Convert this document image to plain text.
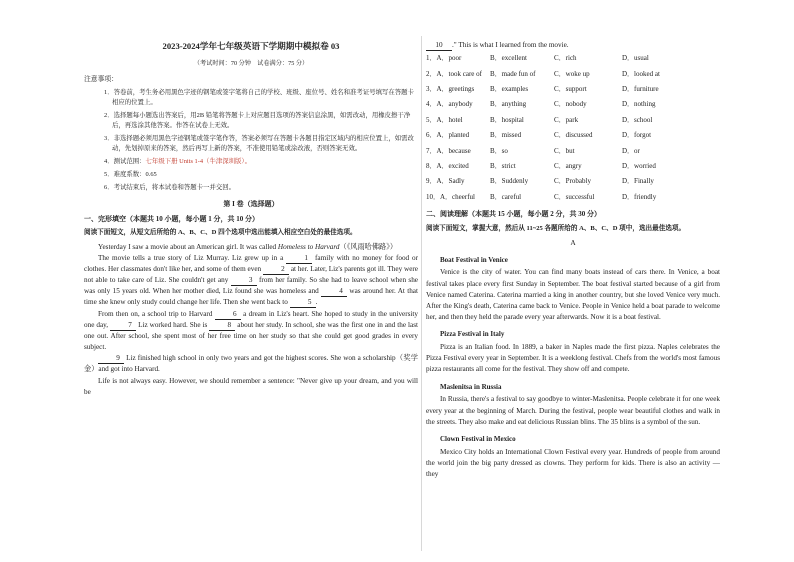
2023-2024学年七年级英语下学期期中模拟卷 03
（考试时间：70 分钟　试卷满分：75 分）
注意事项：
1．答卷前，考生务必用黑色字迹的钢笔或签字笔将自己的学校、班级、座位号、姓名和准考证号填写在答题卡相应的位置上。
2．选择题每小题选出答案后，用2B 铅笔将答题卡上对应题目选项的答案信息涂黑，如需改动，用橡皮擦干净后，再选涂其他答案。作答在试卷上无效。
3．非选择题必须用黑色字迹钢笔或签字笔作答，答案必须写在答题卡各题目指定区域内的相应位置上，如需改动，先划掉原来的答案，然后再写上新的答案，不准使用铅笔或涂改液，否则答案无效。
4．测试范围：七年级下册 Units 1-4（牛津深圳版）。
5．难度系数：0.65
6．考试结束后，将本试卷和答题卡一并交回。
第 I 卷（选择题）
一、完形填空（本题共 10 小题，每小题 1 分，共 10 分）
阅读下面短文，从短文后所给的 A、B、C、D 四个选项中选出能填入相应空白处的最佳选项。

Yesterday I saw a movie about an American girl. It was called Homeless to Harvard（《风雨哈佛路》）

The movie tells a true story of Liz Murray. Liz grew up in a	1 family with no money for food or clothes. Her classmates don't like her, and some of them even	2 at her. Later, Liz's parents got ill. They were not able to take care of Liz. She couldn't get any	3 from her family. So she had to leave school when she was only 15 years old. When her mother died, Liz found she was homeless and	4 was around her. At that time she knew only study could change her life. Then she went back to	5 .

From then on, a school trip to Harvard	6 a dream in Liz's heart. She hoped to study in the university one day,	7 Liz worked hard. She is	8 about her study. In school, she was the first one in and the last one out. After school, she spent most of her free time on her study so that she could get good grades in every subject.

9 Liz finished high school in only two years and got the highest scores. She won a scholarship（奖学金）and got into Harvard.

Life is not always easy. However, we should remember a sentence: "Never give up your dream, and you will be

10 ." This is what I learned from the movie.

1．A．poor	B．excellent	C．rich	D．usual
2．A．took care of	B．made fun of	C．woke up	D．looked at
3．A．greetings	B．examples	C．support	D．furniture
4．A．anybody	B．anything	C．nobody	D．nothing
5．A．hotel	B．hospital	C．park	D．school
6．A．planted	B．missed	C．discussed	D．forgot
7．A．because	B．so	C．but	D．or
8．A．excited	B．strict	C．angry	D．worried
9．A．Sadly	B．Suddenly	C．Probably	D．Finally
10．A．cheerful	B．careful	C．successful	D．friendly
二、阅读理解（本题共 15 小题，每小题 2 分，共 30 分）
阅读下面短文，掌握大意，然后从 11~25 各题所给的 A、B、C、D 项中，选出最佳选项。
A
Boat Festival in Venice

Venice is the city of water. You can find many boats instead of cars there. In Venice, a boat festival takes place every first Sunday in September. The boat festival started because of a girl from Venice named Caterina. Caterina married a king in another country, but she loved Venice very much. After the King's death, Caterina came back to Venice. People in Venice held a boat parade to welcome her, and then they held the parade every year afterwards. Now it is a boat festival.

Pizza Festival in Italy

Pizza is an Italian food. In 1889, a baker in Naples made the first pizza. Naples celebrates the Pizza Festival every year in September. It is a weeklong festival. Chefs from the world's most famous pizza restaurants all come for the festival. They show off and compete.

Maslenitsa in Russia

In Russia, there's a festival to say goodbye to winter-Maslenitsa. People celebrate it for one week every year at the beginning of March. During the festival, people wear beautiful clothes and walk in the streets. They also make and eat delicious Russian blins. The 35 blins is a symbol of the sun.

Clown Festival in Mexico

Mexico City holds an International Clown Festival every year. Hundreds of people from around the world join the big party dressed as clowns. They perform for kids. There is also an activity — they
